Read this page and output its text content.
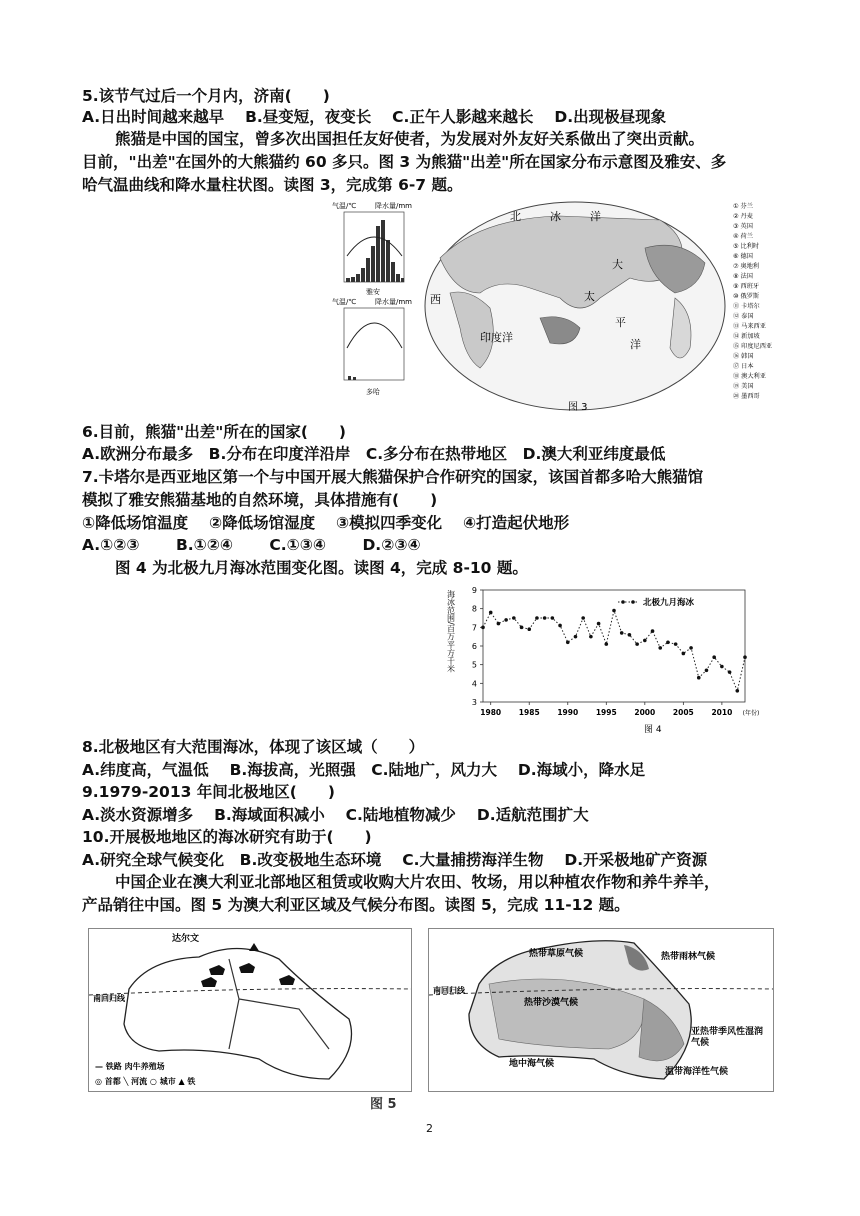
5.该节气过后一个月内，济南(　　)
A.日出时间越来越早　 B.昼变短，夜变长　 C.正午人影越来越长　 D.出现极昼现象
熊猫是中国的国宝，曾多次出国担任友好使者，为发展对外友好关系做出了突出贡献。
目前，"出差"在国外的大熊猫约 60 多只。图 3 为熊猫"出差"所在国家分布示意图及雅安、多
哈气温曲线和降水量柱状图。读图 3，完成第 6-7 题。
气温/℃	降水量/mm
雅安
气温/℃	降水量/mm
多哈
北	冰	洋
大
平
太
西
印度洋
洋
① 芬兰
② 丹麦
③ 英国
④ 荷兰
⑤ 比利时
⑥ 德国
⑦ 奥地利
⑧ 法国
⑨ 西班牙
⑩ 俄罗斯
⑪ 卡塔尔
⑫ 泰国
⑬ 马来西亚
⑭ 新加坡
⑮ 印度尼西亚
⑯ 韩国
⑰ 日本
⑱ 澳大利亚
⑲ 美国
⑳ 墨西哥
图 3
6.目前，熊猫"出差"所在的国家(　　)
A.欧洲分布最多　B.分布在印度洋沿岸　C.多分布在热带地区　D.澳大利亚纬度最低
7.卡塔尔是西亚地区第一个与中国开展大熊猫保护合作研究的国家，该国首都多哈大熊猫馆
模拟了雅安熊猫基地的自然环境，具体措施有(　　)
①降低场馆温度　 ②降低场馆湿度　 ③模拟四季变化　 ④打造起伏地形
A.①②③　　 B.①②④　　 C.①③④　　 D.②③④
图 4 为北极九月海冰范围变化图。读图 4，完成 8-10 题。
海冰范围/百万平方千米
3
4
5
6
7
8
9
1980 1985 1990 1995 2000 2005 2010 (年份)
北极九月海冰
图 4
8.北极地区有大范围海冰，体现了该区域（　　）
A.纬度高，气温低　 B.海拔高，光照强　C.陆地广，风力大　 D.海域小，降水足
9.1979-2013 年间北极地区(　　)
A.淡水资源增多　 B.海域面积减小　 C.陆地植物减少　 D.适航范围扩大
10.开展极地地区的海冰研究有助于(　　)
A.研究全球气候变化　B.改变极地生态环境　 C.大量捕捞海洋生物　 D.开采极地矿产资源
中国企业在澳大利亚北部地区租赁或收购大片农田、牧场，用以种植农作物和养牛养羊，
产品销往中国。图 5 为澳大利亚区域及气候分布图。读图 5，完成 11-12 题。
达尔文
南回归线
— 铁路 肉牛养殖场
◎ 首都 ╲ 河流 ○ 城市 ▲ 铁
热带草原气候	热带雨林气候
热带沙漠气候
南回归线
地中海气候
亚热带季风性湿润气候
温带海洋性气候
图 5
2
